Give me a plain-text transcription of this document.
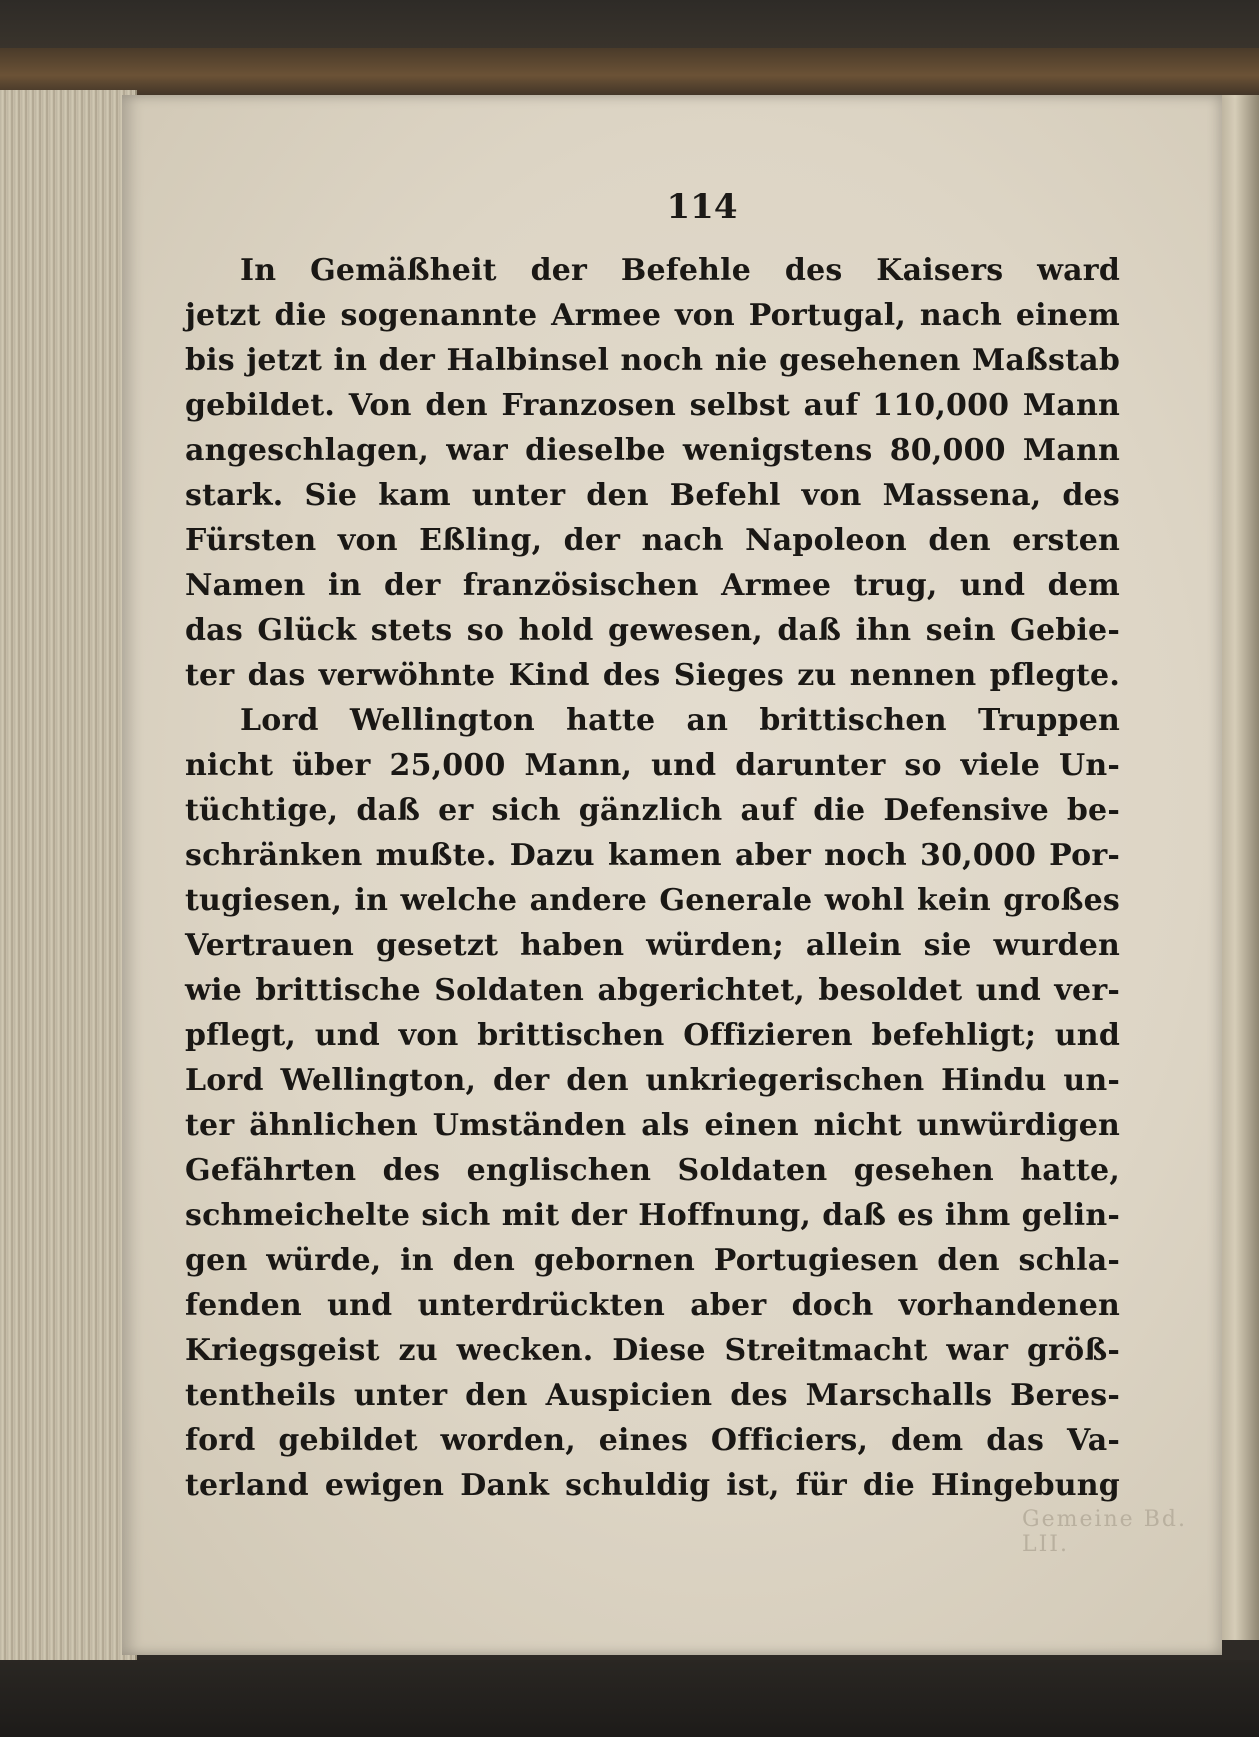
114
Gemeine Bd. LII.
In Gemäßheit der Befehle des Kaisers ward
jetzt die sogenannte Armee von Portugal, nach einem
bis jetzt in der Halbinsel noch nie gesehenen Maßstab
gebildet. Von den Franzosen selbst auf 110,000 Mann
angeschlagen, war dieselbe wenigstens 80,000 Mann
stark. Sie kam unter den Befehl von Massena, des
Fürsten von Eßling, der nach Napoleon den ersten
Namen in der französischen Armee trug, und dem
das Glück stets so hold gewesen, daß ihn sein Gebie-
ter das verwöhnte Kind des Sieges zu nennen pflegte.
Lord Wellington hatte an brittischen Truppen
nicht über 25,000 Mann, und darunter so viele Un-
tüchtige, daß er sich gänzlich auf die Defensive be-
schränken mußte. Dazu kamen aber noch 30,000 Por-
tugiesen, in welche andere Generale wohl kein großes
Vertrauen gesetzt haben würden; allein sie wurden
wie brittische Soldaten abgerichtet, besoldet und ver-
pflegt, und von brittischen Offizieren befehligt; und
Lord Wellington, der den unkriegerischen Hindu un-
ter ähnlichen Umständen als einen nicht unwürdigen
Gefährten des englischen Soldaten gesehen hatte,
schmeichelte sich mit der Hoffnung, daß es ihm gelin-
gen würde, in den gebornen Portugiesen den schla-
fenden und unterdrückten aber doch vorhandenen
Kriegsgeist zu wecken. Diese Streitmacht war größ-
tentheils unter den Auspicien des Marschalls Beres-
ford gebildet worden, eines Officiers, dem das Va-
terland ewigen Dank schuldig ist, für die Hingebung
